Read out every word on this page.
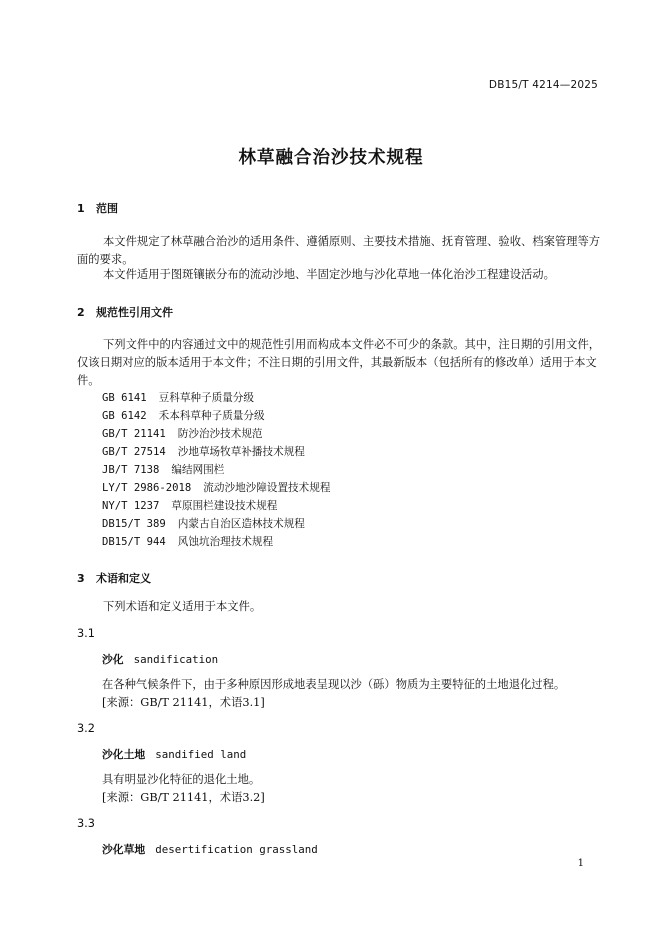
DB15/T 4214—2025
林草融合治沙技术规程
1 范围
本文件规定了林草融合治沙的适用条件、遵循原则、主要技术措施、抚育管理、验收、档案管理等方面的要求。
本文件适用于图斑镶嵌分布的流动沙地、半固定沙地与沙化草地一体化治沙工程建设活动。
2 规范性引用文件
下列文件中的内容通过文中的规范性引用而构成本文件必不可少的条款。其中，注日期的引用文件，仅该日期对应的版本适用于本文件；不注日期的引用文件，其最新版本（包括所有的修改单）适用于本文件。
GB 6141 豆科草种子质量分级
GB 6142 禾本科草种子质量分级
GB/T 21141 防沙治沙技术规范
GB/T 27514 沙地草场牧草补播技术规程
JB/T 7138 编结网围栏
LY/T 2986-2018 流动沙地沙障设置技术规程
NY/T 1237 草原围栏建设技术规程
DB15/T 389 内蒙古自治区造林技术规程
DB15/T 944 风蚀坑治理技术规程
3 术语和定义
下列术语和定义适用于本文件。
3.1
沙化 sandification
在各种气候条件下，由于多种原因形成地表呈现以沙（砾）物质为主要特征的土地退化过程。
[来源：GB/T 21141，术语3.1]
3.2
沙化土地 sandified land
具有明显沙化特征的退化土地。
[来源：GB/T 21141，术语3.2]
3.3
沙化草地 desertification grassland
1
